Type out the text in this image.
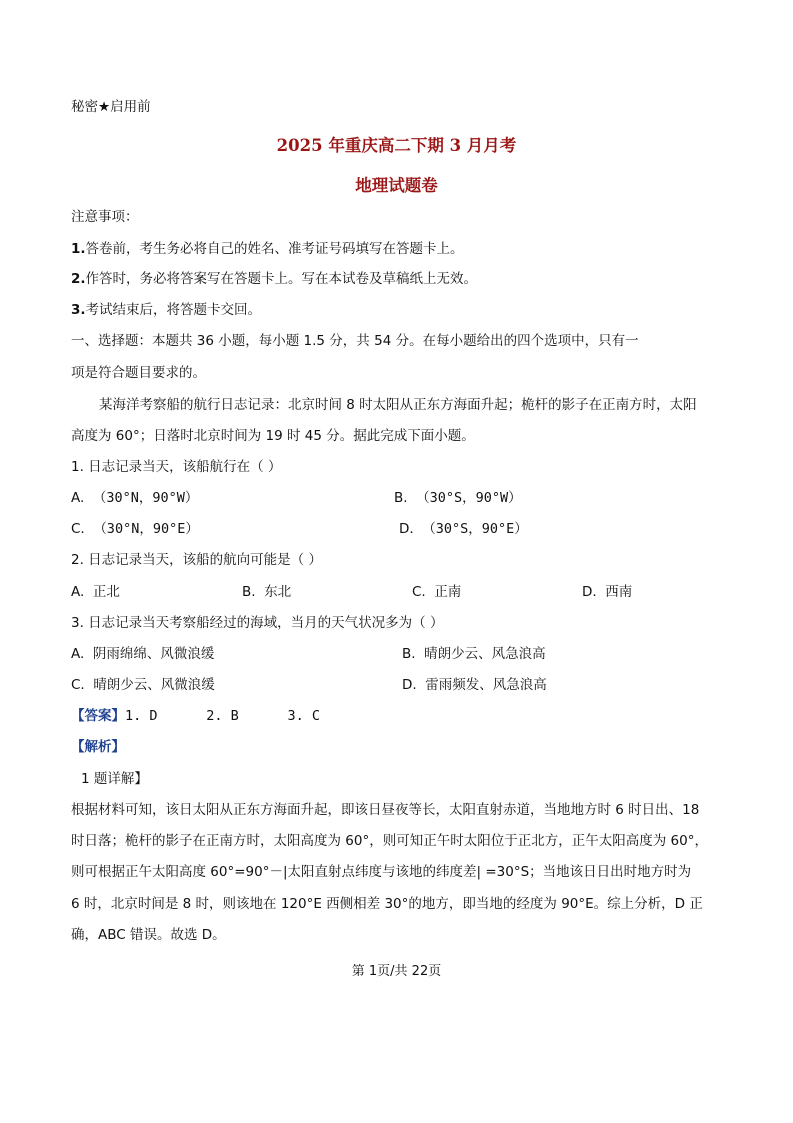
秘密★启用前
2025 年重庆高二下期 3 月月考
地理试题卷
注意事项：
1.答卷前，考生务必将自己的姓名、准考证号码填写在答题卡上。
2.作答时，务必将答案写在答题卡上。写在本试卷及草稿纸上无效。
3.考试结束后，将答题卡交回。
一、选择题：本题共 36 小题，每小题 1.5 分，共 54 分。在每小题给出的四个选项中，只有一
项是符合题目要求的。
某海洋考察船的航行日志记录：北京时间 8 时太阳从正东方海面升起；桅杆的影子在正南方时，太阳
高度为 60°；日落时北京时间为 19 时 45 分。据此完成下面小题。
1. 日志记录当天，该船航行在（ ）
A. （30°N，90°W）	B. （30°S，90°W）
C. （30°N，90°E）	D. （30°S，90°E）
2. 日志记录当天，该船的航向可能是（ ）
A. 正北	B. 东北	C. 正南	D. 西南
3. 日志记录当天考察船经过的海域，当月的天气状况多为（ ）
A. 阴雨绵绵、风微浪缓	B. 晴朗少云、风急浪高
C. 晴朗少云、风微浪缓	D. 雷雨频发、风急浪高
【答案】1. D      2. B      3. C
【解析】
1 题详解】
根据材料可知，该日太阳从正东方海面升起，即该日昼夜等长，太阳直射赤道，当地地方时 6 时日出、18
时日落；桅杆的影子在正南方时，太阳高度为 60°，则可知正午时太阳位于正北方，正午太阳高度为 60°，
则可根据正午太阳高度 60°=90°－|太阳直射点纬度与该地的纬度差| =30°S；当地该日日出时地方时为
6 时，北京时间是 8 时，则该地在 120°E 西侧相差 30°的地方，即当地的经度为 90°E。综上分析，D 正
确，ABC 错误。故选 D。
第 1页/共 22页
